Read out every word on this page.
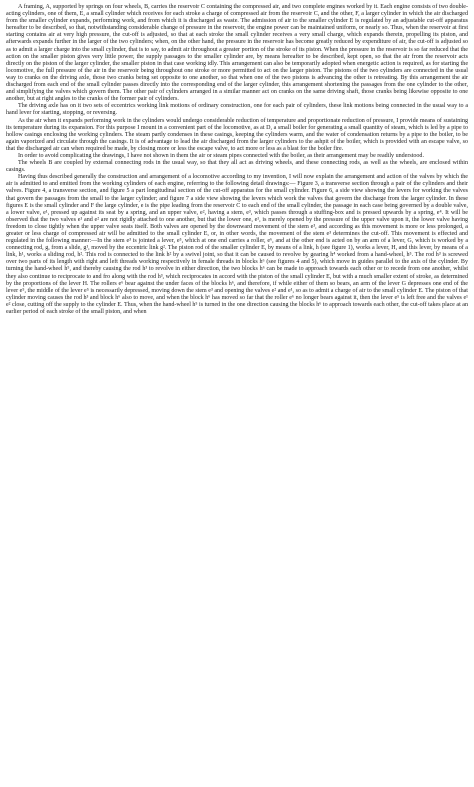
A framing, A, supported by springs on four wheels, B, carries the reservoir C containing the compressed air, and two complete engines worked by it. Each engine consists of two double-acting cylinders, one of them, E, a small cylinder which receives for each stroke a charge of compressed air from the reservoir C, and the other, F, a larger cylinder in which the air discharged from the smaller cylinder expands, performing work, and from which it is discharged as waste. The admission of air to the smaller cylinder E is regulated by an adjustable cut-off apparatus hereafter to be described, so that, notwithstanding considerable change of pressure in the reservoir, the engine power can be maintained uniform, or nearly so. Thus, when the reservoir at first starting contains air at very high pressure, the cut-off is adjusted, so that at each stroke the small cylinder receives a very small charge, which expands therein, propelling its piston, and afterwards expands further in the larger of the two cylinders; when, on the other hand, the pressure in the reservoir has become greatly reduced by expenditure of air, the cut-off is adjusted so as to admit a larger charge into the small cylinder, that is to say, to admit air throughout a greater portion of the stroke of its piston. When the pressure in the reservoir is so far reduced that the action on the smaller piston gives very little power, the supply passages to the smaller cylinder are, by means hereafter to be described, kept open, so that the air from the reservoir acts directly on the piston of the larger cylinder, the smaller piston in that case working idly. This arrangement can also be temporarily adopted when energetic action is required, as for starting the locomotive, the full pressure of the air in the reservoir being throughout one stroke or more permitted to act on the larger piston. The pistons of the two cylinders are connected in the usual way to cranks on the driving axle, those two cranks being set opposite to one another, so that when one of the two pistons is advancing the other is retreating. By this arrangement the air discharged from each end of the small cylinder passes directly into the corresponding end of the larger cylinder, this arrangement shortening the passages from the one cylinder to the other, and simplifying the valves which govern them. The other pair of cylinders arranged in a similar manner act on cranks on the same driving shaft, those cranks being likewise opposite to one another, but at right angles to the cranks of the former pair of cylinders.

The driving axle has on it two sets of eccentrics working link motions of ordinary construction, one for each pair of cylinders, these link motions being connected in the usual way to a hand lever for starting, stopping, or reversing.

As the air when it expands performing work in the cylinders would undergo considerable reduction of temperature and proportionate reduction of pressure, I provide means of sustaining its temperature during its expansion. For this purpose I mount in a convenient part of the locomotive, as at D, a small boiler for generating a small quantity of steam, which is led by a pipe to hollow casings enclosing the working cylinders. The steam partly condenses in these casings, keeping the cylinders warm, and the water of condensation returns by a pipe to the boiler, to be again vaporized and circulate through the casings. It is of advantage to lead the air discharged from the larger cylinders to the ashpit of the boiler, which is provided with an escape valve, so that the discharged air can when required be made, by closing more or less the escape valve, to act more or less as a blast for the boiler fire.

In order to avoid complicating the drawings, I have not shown in them the air or steam pipes connected with the boiler, as their arrangement may be readily understood.

The wheels B are coupled by external connecting rods in the usual way, so that they all act as driving wheels, and these connecting rods, as well as the wheels, are enclosed within casings.

Having thus described generally the construction and arrangement of a locomotive according to my invention, I will now explain the arrangement and action of the valves by which the air is admitted to and emitted from the working cylinders of each engine, referring to the following detail drawings:— Figure 3, a transverse section through a pair of the cylinders and their valves. Figure 4, a transverse section, and figure 5 a part longitudinal section of the cut-off apparatus for the small cylinder. Figure 6, a side view showing the levers for working the valves that govern the passages from the small to the larger cylinder; and figure 7 a side view showing the levers which work the valves that govern the discharge from the larger cylinder. In these figures E is the small cylinder and F the large cylinder, e is the pipe leading from the reservoir C to each end of the small cylinder, the passage in each case being governed by a double valve, a lower valve, e¹, pressed up against its seat by a spring, and an upper valve, e², having a stem, e³, which passes through a stuffing-box and is pressed upwards by a spring, e⁴. It will be observed that the two valves e¹ and e² are not rigidly attached to one another, but that the lower one, e¹, is merely opened by the pressure of the upper valve upon it, the lower valve having freedom to close tightly when the upper valve seats itself. Both valves are opened by the downward movement of the stem e³, and according as this movement is more or less prolonged, a greater or less charge of compressed air will be admitted to the small cylinder E, or, in other words, the movement of the stem e³ determines the cut-off. This movement is effected and regulated in the following manner:—In the stem e³ is jointed a lever, e⁵, which at one end carries a roller, e⁶, and at the other end is acted on by an arm of a lever, G, which is worked by a connecting rod, g, from a slide, g¹, moved by the eccentric link g². The piston rod of the smaller cylinder E, by means of a link, h (see figure 1), works a lever, H, and this lever, by means of a link, h¹, works a sliding rod, h². This rod is connected to the link h² by a swivel joint, so that it can be caused to revolve by gearing h⁴ worked from a hand-wheel, h⁵. The rod h³ is screwed over two parts of its length with right and left threads working respectively in female threads in blocks h⁶ (see figures 4 and 5), which move in guides parallel to the axis of the cylinder. By turning the hand-wheel h⁵, and thereby causing the rod h³ to revolve in either direction, the two blocks h⁶ can be made to approach towards each other or to recede from one another, whilst they also continue to reciprocate to and fro along with the rod h³, which reciprocates in accord with the piston of the small cylinder E, but with a much smaller extent of stroke, as determined by the proportions of the lever H. The rollers e⁶ bear against the under faces of the blocks h⁶, and therefore, if while either of them so bears, an arm of the lever G depresses one end of the lever e⁵, the middle of the lever e⁵ is necessarily depressed, moving down the stem e³ and opening the valves e² and e¹, so as to admit a charge of air to the small cylinder E. The piston of that cylinder moving causes the rod h³ and block h⁶ also to move, and when the block h⁶ has moved so far that the roller e⁶ no longer bears against it, then the lever e⁵ is left free and the valves e¹ e² close, cutting off the supply to the cylinder E. Thus, when the hand-wheel h⁵ is turned in the one direction causing the blocks h⁶ to approach towards each other, the cut-off takes place at an earlier period of each stroke of the small piston, and when
